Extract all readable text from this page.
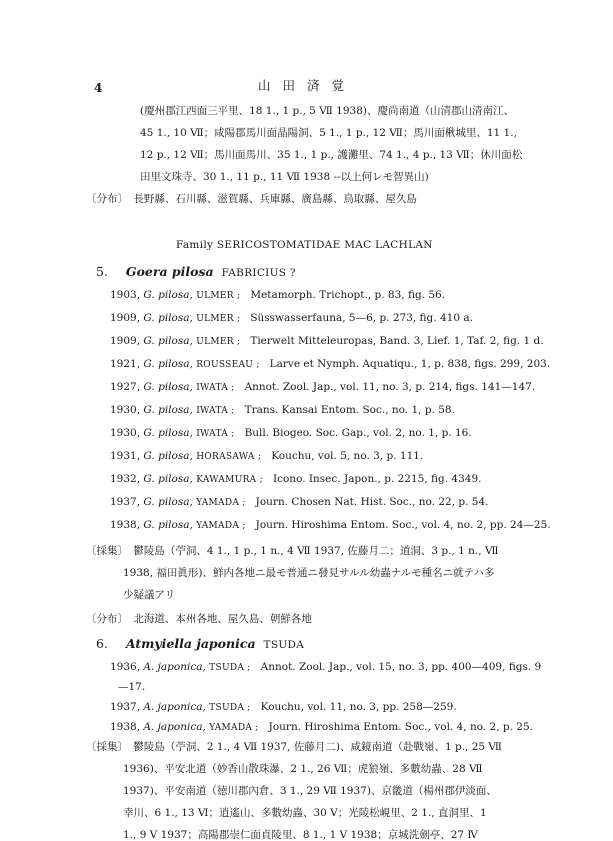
4	山田済覚
(慶州郡江西面三平里、18 1., 1 p., 5 Ⅶ 1938)、慶尚南道（山清郡山清南江、
45 1., 10 Ⅶ；咸陽郡馬川面晶陽洞、5 1., 1 p., 12 Ⅶ；馬川面楸城里、11 1.,
12 p., 12 Ⅶ；馬川面馬川、35 1., 1 p., 護灘里、74 1., 4 p., 13 Ⅶ；休川面松
田里文珠寺、30 1., 11 p., 11 Ⅶ 1938 --以上何レモ智異山)
〔分布〕 長野縣、石川縣、滋賀縣、兵庫縣、廣島縣、鳥取縣、屋久島
Family SERICOSTOMATIDAE MAC LACHLAN
5. Goera pilosa FABRICIUS ?
1903, G. pilosa, ULMER ; Metamorph. Trichopt., p. 83, fig. 56.
1909, G. pilosa, ULMER ; Süsswasserfauna, 5—6, p. 273, fig. 410 a.
1909, G. pilosa, ULMER ; Tierwelt Mitteleuropas, Band. 3, Lief. 1, Taf. 2, fig. 1 d.
1921, G. pilosa, ROUSSEAU ; Larve et Nymph. Aquatiqu., 1, p. 838, figs. 299, 203.
1927, G. pilosa, IWATA ; Annot. Zool. Jap., vol. 11, no. 3, p. 214, figs. 141—147.
1930, G. pilosa, IWATA ; Trans. Kansai Entom. Soc., no. 1, p. 58.
1930, G. pilosa, IWATA ; Bull. Biogeo. Soc. Gap., vol. 2, no. 1, p. 16.
1931, G. pilosa, HORASAWA ; Kouchu, vol. 5, no. 3, p. 111.
1932, G. pilosa, KAWAMURA ; Icono. Insec. Japon., p. 2215, fig. 4349.
1937, G. pilosa, YAMADA ; Journ. Chosen Nat. Hist. Soc., no. 22, p. 54.
1938, G. pilosa, YAMADA ; Journ. Hiroshima Entom. Soc., vol. 4, no. 2, pp. 24—25.
〔採集〕 鬱陵島（苧洞、4 1., 1 p., 1 n., 4 Ⅶ 1937, 佐藤月二；道洞、3 p., 1 n., Ⅶ
1938, 福田眞形)、鮮内各地ニ最モ普通ニ發見サルル幼蟲ナルモ種名ニ就テハ多
少疑議アリ
〔分布〕 北海道、本州各地、屋久島、朝鮮各地
6. Atmyiella japonica TSUDA
1936, A. japonica, TSUDA ; Annot. Zool. Jap., vol. 15, no. 3, pp. 400—409, figs. 9
—17.
1937, A. japonica, TSUDA ; Kouchu, vol. 11, no. 3, pp. 258—259.
1938, A. japonica, YAMADA ; Journ. Hiroshima Entom. Soc., vol. 4, no. 2, p. 25.
〔採集〕 鬱陵島（苧洞、2 1., 4 Ⅶ 1937, 佐藤月二)、咸鏡南道（赴戰嶺、1 p., 25 Ⅶ
1936)、平安北道（妙香山散珠瀑、2 1., 26 Ⅶ；虎狼嶺、多數幼蟲、28 Ⅶ
1937)、平安南道（徳川郡內倉、3 1., 29 Ⅶ 1937)、京畿道（楊州郡伊淡面、
幸川、6 1., 13 Ⅵ；逍遙山、多數幼蟲、30 Ⅴ；光陵松峴里、2 1., 直洞里、1
1., 9 Ⅴ 1937；高陽郡崇仁面貞陵里、8 1., 1 Ⅴ 1938；京城洗劍亭、27 Ⅳ
